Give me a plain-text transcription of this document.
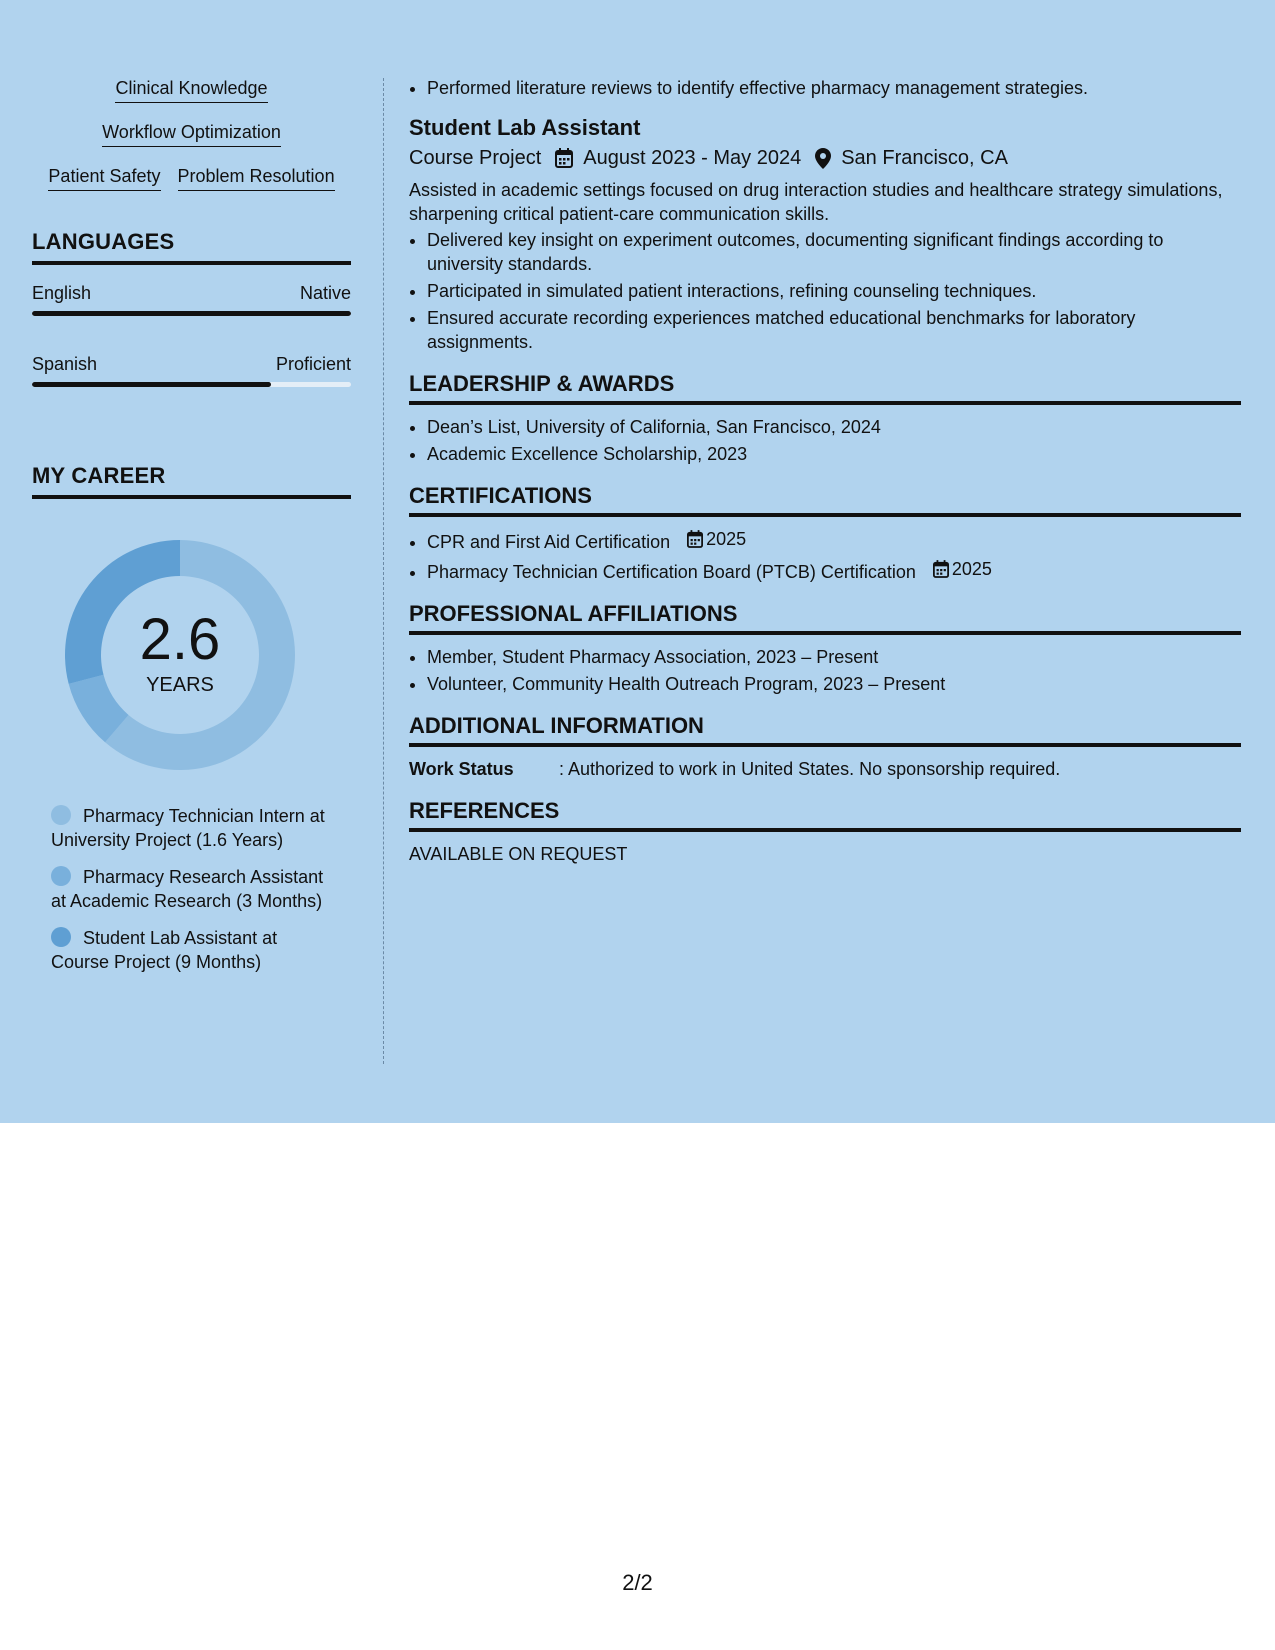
Clinical Knowledge
Workflow Optimization
Patient Safety Problem Resolution
LANGUAGES
English	Native
Spanish	Proficient
MY CAREER
2.6
YEARS
Pharmacy Technician Intern at University Project (1.6 Years)
Pharmacy Research Assistant at Academic Research (3 Months)
Student Lab Assistant at Course Project (9 Months)
• Performed literature reviews to identify effective pharmacy management strategies.
Student Lab Assistant
Course Project August 2023 - May 2024 San Francisco, CA
Assisted in academic settings focused on drug interaction studies and healthcare strategy simulations, sharpening critical patient-care communication skills.
• Delivered key insight on experiment outcomes, documenting significant findings according to university standards.
• Participated in simulated patient interactions, refining counseling techniques.
• Ensured accurate recording experiences matched educational benchmarks for laboratory assignments.
LEADERSHIP & AWARDS
• Dean’s List, University of California, San Francisco, 2024
• Academic Excellence Scholarship, 2023
CERTIFICATIONS
• CPR and First Aid Certification 2025
• Pharmacy Technician Certification Board (PTCB) Certification 2025
PROFESSIONAL AFFILIATIONS
• Member, Student Pharmacy Association, 2023 – Present
• Volunteer, Community Health Outreach Program, 2023 – Present
ADDITIONAL INFORMATION
Work Status	: Authorized to work in United States. No sponsorship required.
REFERENCES
AVAILABLE ON REQUEST
2/2
